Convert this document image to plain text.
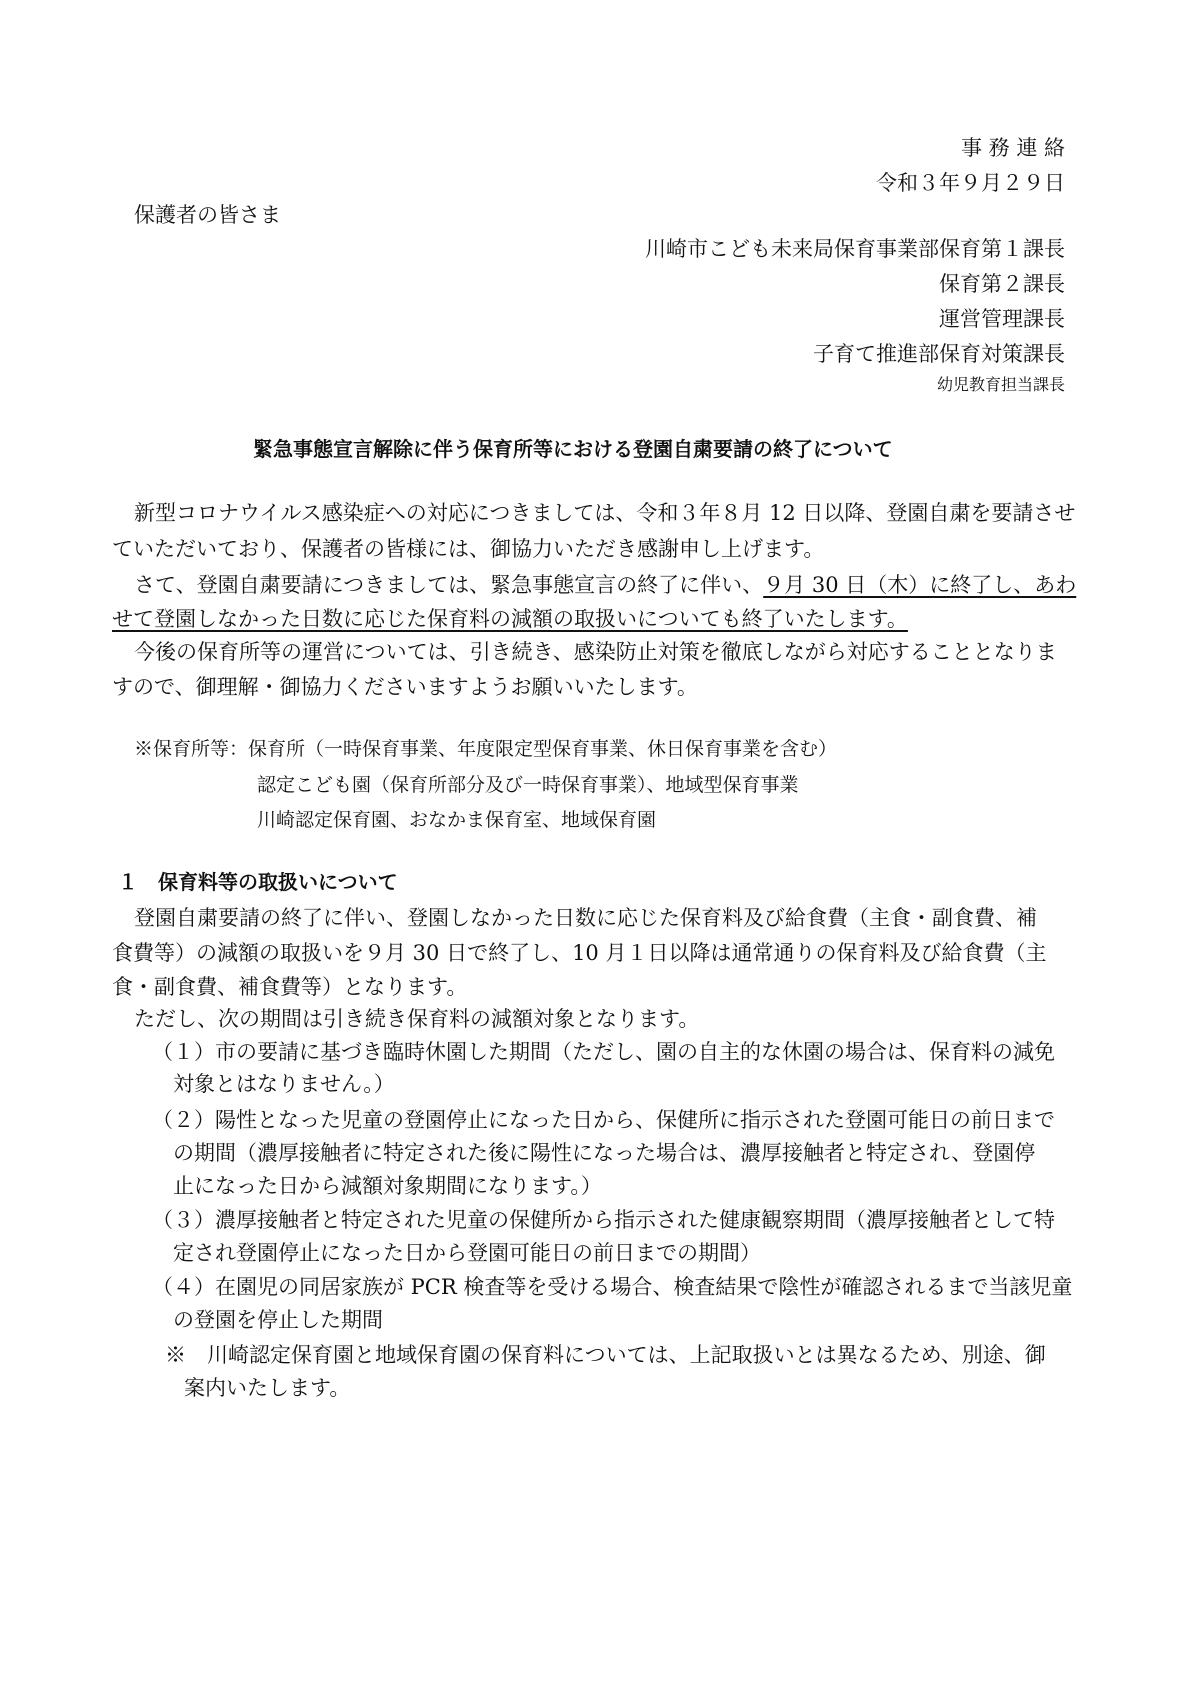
事 務 連 絡
令和３年９月２９日
保護者の皆さま
川崎市こども未来局保育事業部保育第１課長
保育第２課長
運営管理課長
子育て推進部保育対策課長
幼児教育担当課長
緊急事態宣言解除に伴う保育所等における登園自粛要請の終了について
新型コロナウイルス感染症への対応につきましては、令和３年８月 12 日以降、登園自粛を要請させ
ていただいており、保護者の皆様には、御協力いただき感謝申し上げます。
さて、登園自粛要請につきましては、緊急事態宣言の終了に伴い、９月 30 日（木）に終了し、あわ
せて登園しなかった日数に応じた保育料の減額の取扱いについても終了いたします。
今後の保育所等の運営については、引き続き、感染防止対策を徹底しながら対応することとなりま
すので、御理解・御協力くださいますようお願いいたします。
※保育所等：保育所（一時保育事業、年度限定型保育事業、休日保育事業を含む）
認定こども園（保育所部分及び一時保育事業）、地域型保育事業
川崎認定保育園、おなかま保育室、地域保育園
１　保育料等の取扱いについて
登園自粛要請の終了に伴い、登園しなかった日数に応じた保育料及び給食費（主食・副食費、補
食費等）の減額の取扱いを９月 30 日で終了し、10 月１日以降は通常通りの保育料及び給食費（主
食・副食費、補食費等）となります。
ただし、次の期間は引き続き保育料の減額対象となります。
（１）市の要請に基づき臨時休園した期間（ただし、園の自主的な休園の場合は、保育料の減免
対象とはなりません。）
（２）陽性となった児童の登園停止になった日から、保健所に指示された登園可能日の前日まで
の期間（濃厚接触者に特定された後に陽性になった場合は、濃厚接触者と特定され、登園停
止になった日から減額対象期間になります。）
（３）濃厚接触者と特定された児童の保健所から指示された健康観察期間（濃厚接触者として特
定され登園停止になった日から登園可能日の前日までの期間）
（４）在園児の同居家族が PCR 検査等を受ける場合、検査結果で陰性が確認されるまで当該児童
の登園を停止した期間
※　川崎認定保育園と地域保育園の保育料については、上記取扱いとは異なるため、別途、御
案内いたします。
